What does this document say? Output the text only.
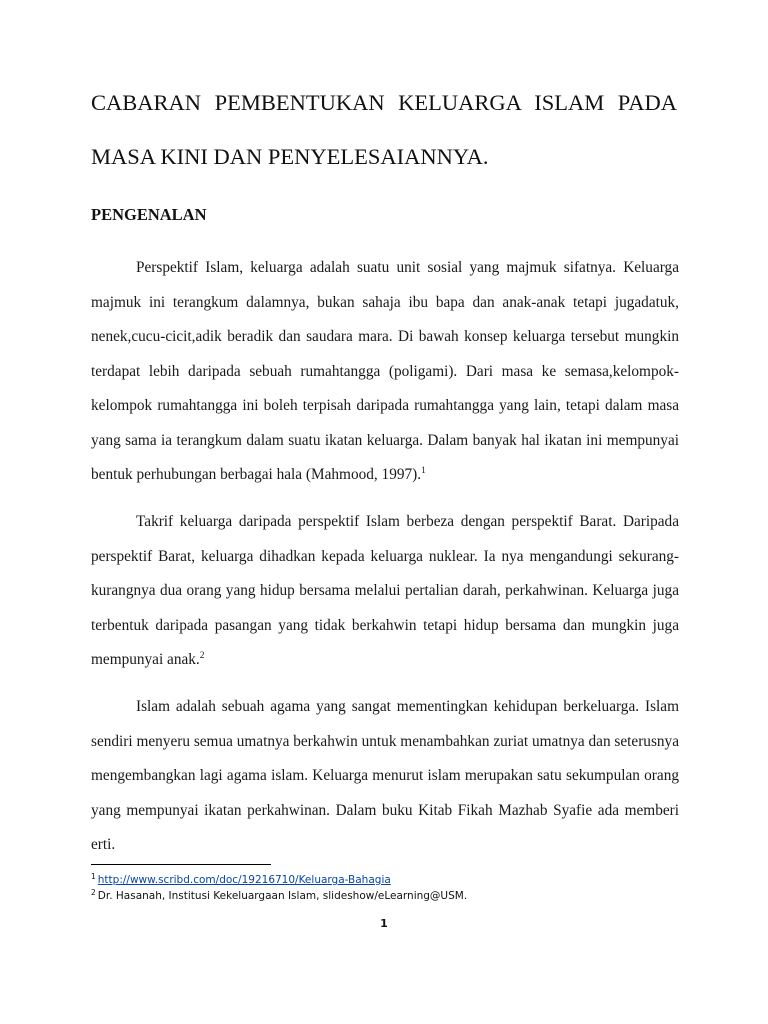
CABARAN PEMBENTUKAN KELUARGA ISLAM PADA
MASA KINI DAN PENYELESAIANNYA.
PENGENALAN

Perspektif Islam, keluarga adalah suatu unit sosial yang majmuk sifatnya. Keluarga majmuk ini terangkum dalamnya, bukan sahaja ibu bapa dan anak-anak tetapi jugadatuk, nenek,cucu-cicit,adik beradik dan saudara mara. Di bawah konsep keluarga tersebut mungkin terdapat lebih daripada sebuah rumahtangga (poligami). Dari masa ke semasa,kelompok-kelompok rumahtangga ini boleh terpisah daripada rumahtangga yang lain, tetapi dalam masa yang sama ia terangkum dalam suatu ikatan keluarga. Dalam banyak hal ikatan ini mempunyai bentuk perhubungan berbagai hala (Mahmood, 1997).$^1$

Takrif keluarga daripada perspektif Islam berbeza dengan perspektif Barat. Daripada perspektif Barat, keluarga dihadkan kepada keluarga nuklear. Ia nya mengandungi sekurang-kurangnya dua orang yang hidup bersama melalui pertalian darah, perkahwinan. Keluarga juga terbentuk daripada pasangan yang tidak berkahwin tetapi hidup bersama dan mungkin juga mempunyai anak.$^2$

Islam adalah sebuah agama yang sangat mementingkan kehidupan berkeluarga. Islam sendiri menyeru semua umatnya berkahwin untuk menambahkan zuriat umatnya dan seterusnya mengembangkan lagi agama islam. Keluarga menurut islam merupakan satu sekumpulan orang yang mempunyai ikatan perkahwinan. Dalam buku Kitab Fikah Mazhab Syafie ada memberi erti.

$^1$ http://www.scribd.com/doc/19216710/Keluarga-Bahagia
$^2$ Dr. Hasanah, Institusi Kekeluargaan Islam, slideshow/eLearning@USM.
1
